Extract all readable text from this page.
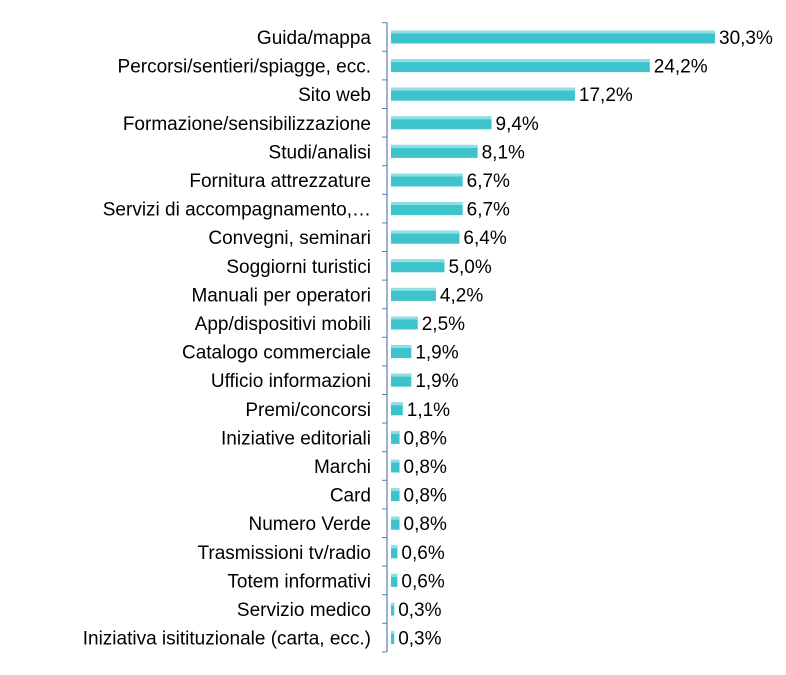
Guida/mappa
Percorsi/sentieri/spiagge, ecc.
Sito web
Formazione/sensibilizzazione
Studi/analisi
Fornitura attrezzature
Servizi di accompagnamento,…
Convegni, seminari
Soggiorni turistici
Manuali per operatori
App/dispositivi mobili
Catalogo commerciale
Ufficio informazioni
Premi/concorsi
Iniziative editoriali
Marchi
Card
Numero Verde
Trasmissioni tv/radio
Totem informativi
Servizio medico
Iniziativa isitituzionale (carta, ecc.)
30,3%
24,2%
17,2%
9,4%
8,1%
6,7%
6,7%
6,4%
5,0%
4,2%
2,5%
1,9%
1,9%
1,1%
0,8%
0,8%
0,8%
0,8%
0,6%
0,6%
0,3%
0,3%
